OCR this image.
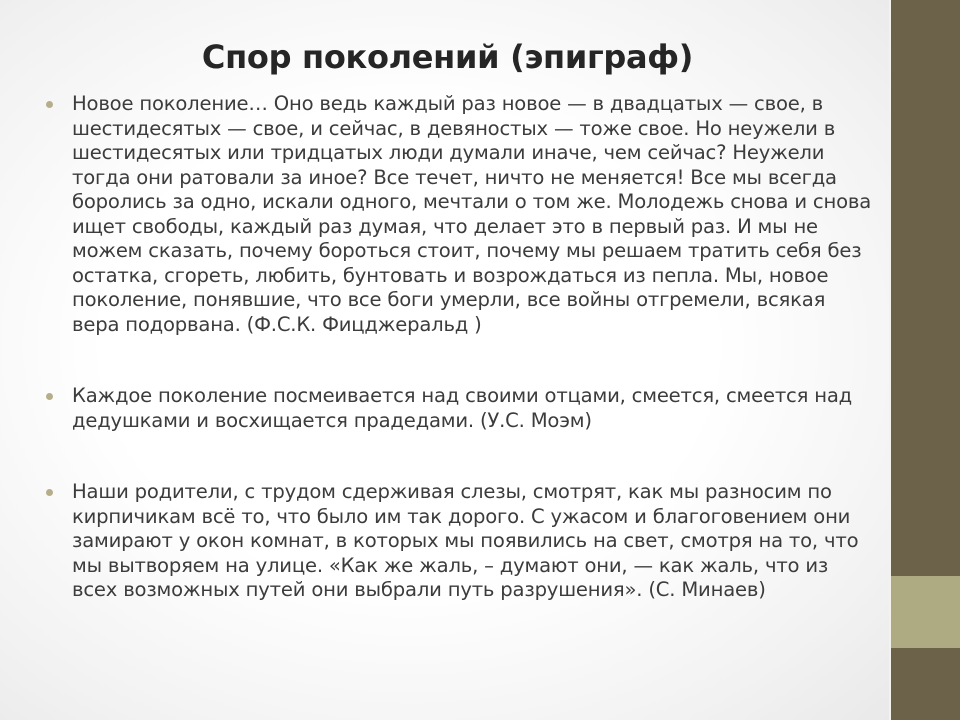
Спор поколений (эпиграф)
Новое поколение… Оно ведь каждый раз новое — в двадцатых — свое, в шестидесятых — свое, и сейчас, в девяностых — тоже свое. Но неужели в шестидесятых или тридцатых люди думали иначе, чем сейчас? Неужели тогда они ратовали за иное? Все течет, ничто не меняется! Все мы всегда боролись за одно, искали одного, мечтали о том же. Молодежь снова и снова ищет свободы, каждый раз думая, что делает это в первый раз. И мы не можем сказать, почему бороться стоит, почему мы решаем тратить себя без остатка, сгореть, любить, бунтовать и возрождаться из пепла. Мы, новое поколение, понявшие, что все боги умерли, все войны отгремели, всякая вера подорвана. (Ф.С.К. Фицджеральд )
Каждое поколение посмеивается над своими отцами, смеется, смеется над дедушками и восхищается прадедами. (У.С. Моэм)
Наши родители, с трудом сдерживая слезы, смотрят, как мы разносим по кирпичикам всё то, что было им так дорого. С ужасом и благоговением они замирают у окон комнат, в которых мы появились на свет, смотря на то, что мы вытворяем на улице. «Как же жаль, – думают они, — как жаль, что из всех возможных путей они выбрали путь разрушения». (С. Минаев)
